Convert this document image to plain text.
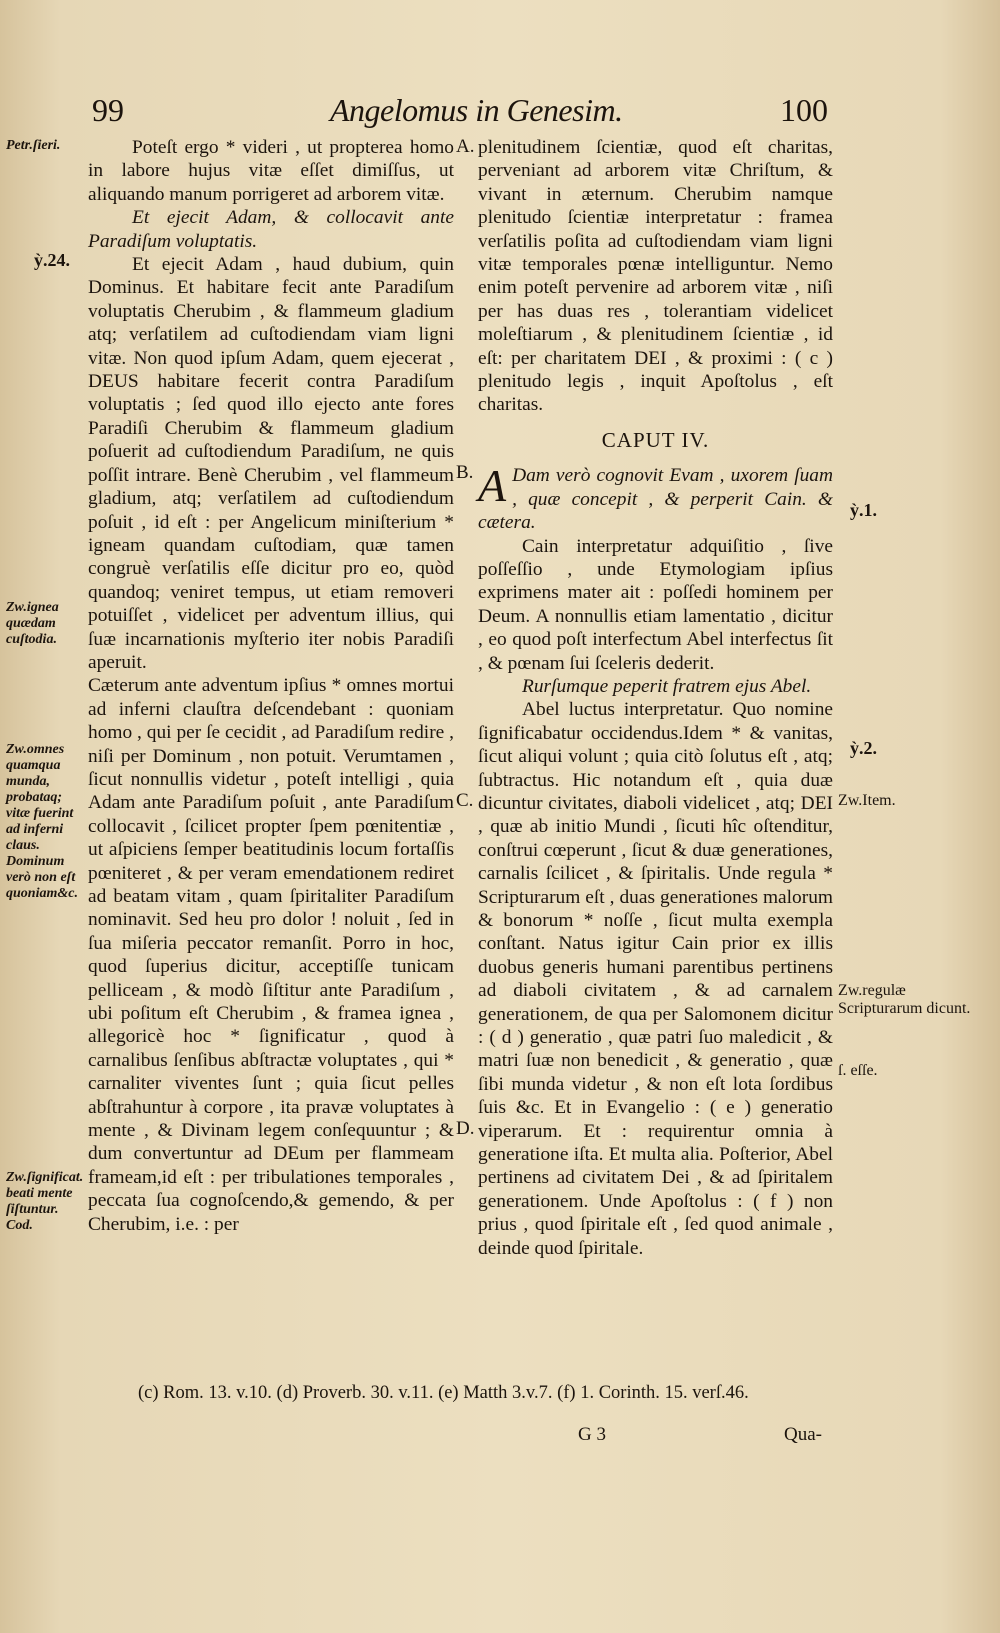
99	Angelomus in Genesim.	100

Poteſt ergo * videri , ut propterea homo in labore hujus vitæ eſſet dimiſſus, ut aliquando manum porrigeret ad arborem vitæ.

Et ejecit Adam, & collocavit ante Paradiſum voluptatis.

Et ejecit Adam , haud dubium, quin Dominus. Et habitare fecit ante Paradiſum voluptatis Cherubim , & flammeum gladium atq; verſatilem ad cuſtodiendam viam ligni vitæ. Non quod ipſum Adam, quem ejecerat , DEUS habitare fecerit contra Paradiſum voluptatis ; ſed quod illo ejecto ante fores Paradiſi Cherubim & flammeum gladium poſuerit ad cuſtodiendum Paradiſum, ne quis poſſit intrare. Benè Cherubim , vel flammeum gladium, atq; verſatilem ad cuſtodiendum poſuit , id eſt : per Angelicum miniſterium * igneam quandam cuſtodiam, quæ tamen congruè verſatilis eſſe dicitur pro eo, quòd quandoq; veniret tempus, ut etiam removeri potuiſſet , videlicet per adventum illius, qui ſuæ incarnationis myſterio iter nobis Paradiſi aperuit.

Cæterum ante adventum ipſius * omnes mortui ad inferni clauſtra deſcendebant : quoniam homo , qui per ſe cecidit , ad Paradiſum redire , niſi per Dominum , non potuit. Verumtamen , ſicut nonnullis videtur , poteſt intelligi , quia Adam ante Paradiſum poſuit , ante Paradiſum collocavit , ſcilicet propter ſpem pœnitentiæ , ut aſpiciens ſemper beatitudinis locum fortaſſis pœniteret , & per veram emendationem rediret ad beatam vitam , quam ſpiritaliter Paradiſum nominavit. Sed heu pro dolor ! noluit , ſed in ſua miſeria peccator remanſit. Porro in hoc, quod ſuperius dicitur, acceptiſſe tunicam pelliceam , & modò ſiſtitur ante Paradiſum , ubi poſitum eſt Cherubim , & framea ignea , allegoricè hoc * ſignificatur , quod à carnalibus ſenſibus abſtractæ voluptates , qui * carnaliter viventes ſunt ; quia ſicut pelles abſtrahuntur à corpore , ita pravæ voluptates à mente , & Divinam legem conſequuntur ; & dum convertuntur ad DEum per flammeam frameam,id eſt : per tribulationes temporales , peccata ſua cognoſcendo,& gemendo, & per Cherubim, i.e. : per

plenitudinem ſcientiæ, quod eſt charitas, perveniant ad arborem vitæ Chriſtum, & vivant in æternum. Cherubim namque plenitudo ſcientiæ interpretatur : framea verſatilis poſita ad cuſtodiendam viam ligni vitæ temporales pœnæ intelliguntur. Nemo enim poteſt pervenire ad arborem vitæ , niſi per has duas res , tolerantiam videlicet moleſtiarum , & plenitudinem ſcientiæ , id eſt: per charitatem DEI , & proximi : ( c ) plenitudo legis , inquit Apoſtolus , eſt charitas.

CAPUT IV.

ADam verò cognovit Evam , uxorem ſuam , quæ concepit , & perperit Cain. & cætera.

Cain interpretatur adquiſitio , ſive poſſeſſio , unde Etymologiam ipſius exprimens mater ait : poſſedi hominem per Deum. A nonnullis etiam lamentatio , dicitur , eo quod poſt interfectum Abel interfectus ſit , & pœnam ſui ſceleris dederit.

Rurſumque peperit fratrem ejus Abel.

Abel luctus interpretatur. Quo nomine ſignificabatur occidendus.Idem * & vanitas, ſicut aliqui volunt ; quia citò ſolutus eſt , atq; ſubtractus. Hic notandum eſt , quia duæ dicuntur civitates, diaboli videlicet , atq; DEI , quæ ab initio Mundi , ſicuti hîc oſtenditur, conſtrui cœperunt , ſicut & duæ generationes, carnalis ſcilicet , & ſpiritalis. Unde regula * Scripturarum eſt , duas generationes malorum & bonorum * noſſe , ſicut multa exempla conſtant. Natus igitur Cain prior ex illis duobus generis humani parentibus pertinens ad diaboli civitatem , & ad carnalem generationem, de qua per Salomonem dicitur : ( d ) generatio , quæ patri ſuo maledicit , & matri ſuæ non benedicit , & generatio , quæ ſibi munda videtur , & non eſt lota ſordibus ſuis &c. Et in Evangelio : ( e ) generatio viperarum. Et : requirentur omnia à generatione iſta. Et multa alia. Poſterior, Abel pertinens ad civitatem Dei , & ad ſpiritalem generationem. Unde Apoſtolus : ( f ) non prius , quod ſpiritale eſt , ſed quod animale , deinde quod ſpiritale.

Petr.ſieri.
Zw.ignea quædam cuſtodia.
Zw.omnes quamqua munda, probataq; vitæ fuerint ad inferni claus. Dominum verò non eſt quoniam&c.
Zw.ſignificat. beati mente ſiſtuntur. Cod.
Zw.Item.
Zw.regulæ Scripturarum dicunt.
ſ. eſſe.
ỳ.24.
ỳ.1.
ỳ.2.
A.
B.
C.
D.
(c) Rom. 13. v.10. (d) Proverb. 30. v.11. (e) Matth 3.v.7. (f) 1. Corinth. 15. verſ.46.
G 3	Qua-
